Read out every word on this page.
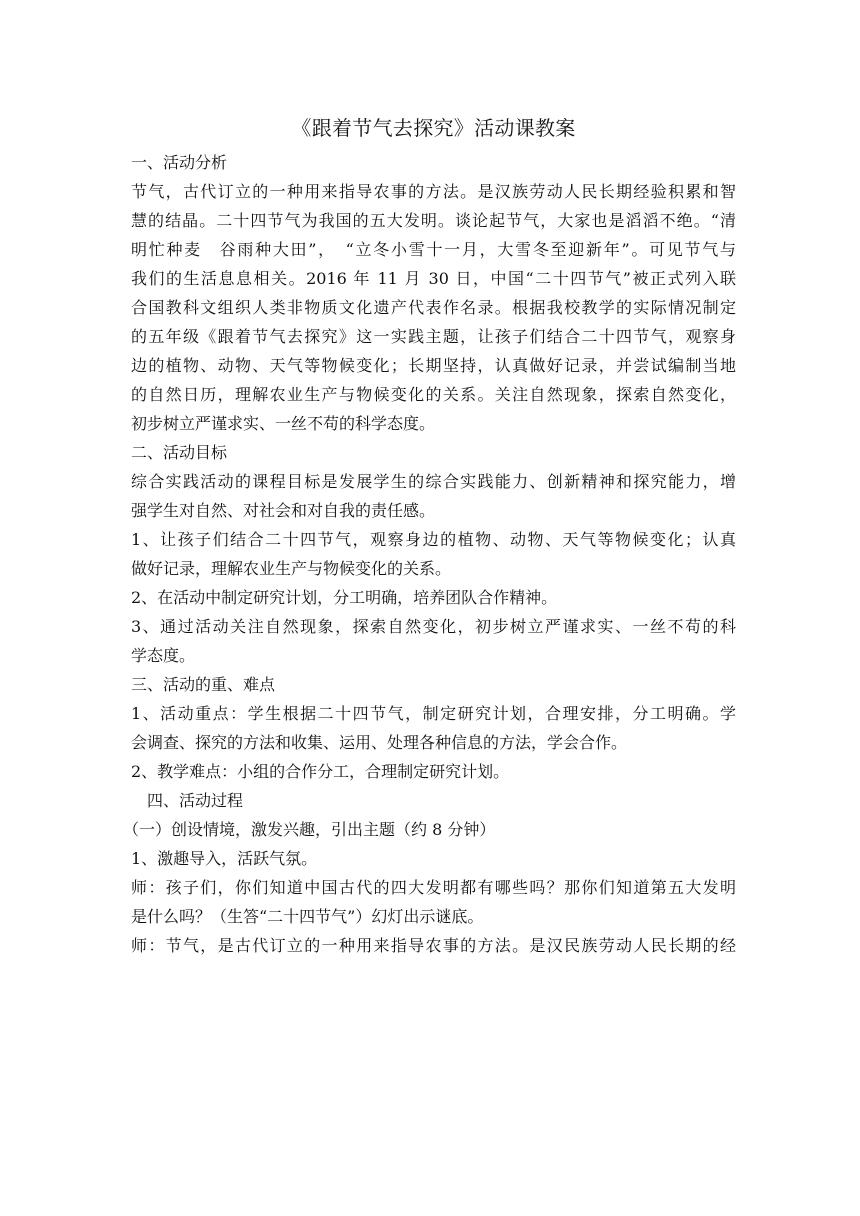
《跟着节气去探究》活动课教案
一、活动分析
节气，古代订立的一种用来指导农事的方法。是汉族劳动人民长期经验积累和智
慧的结晶。二十四节气为我国的五大发明。谈论起节气，大家也是滔滔不绝。“清
明忙种麦　谷雨种大田”，　“立冬小雪十一月，大雪冬至迎新年”。可见节气与
我们的生活息息相关。2016 年 11 月 30 日，中国“二十四节气”被正式列入联
合国教科文组织人类非物质文化遗产代表作名录。根据我校教学的实际情况制定
的五年级《跟着节气去探究》这一实践主题，让孩子们结合二十四节气，观察身
边的植物、动物、天气等物候变化；长期坚持，认真做好记录，并尝试编制当地
的自然日历，理解农业生产与物候变化的关系。关注自然现象，探索自然变化，
初步树立严谨求实、一丝不苟的科学态度。
二、活动目标
综合实践活动的课程目标是发展学生的综合实践能力、创新精神和探究能力，增
强学生对自然、对社会和对自我的责任感。
1、让孩子们结合二十四节气，观察身边的植物、动物、天气等物候变化；认真
做好记录，理解农业生产与物候变化的关系。
2、在活动中制定研究计划，分工明确，培养团队合作精神。
3、通过活动关注自然现象，探索自然变化，初步树立严谨求实、一丝不苟的科
学态度。
三、活动的重、难点
1、活动重点：学生根据二十四节气，制定研究计划，合理安排，分工明确。学
会调查、探究的方法和收集、运用、处理各种信息的方法，学会合作。
2、教学难点：小组的合作分工，合理制定研究计划。
四、活动过程
（一）创设情境，激发兴趣，引出主题（约 8 分钟）
1、激趣导入，活跃气氛。
师：孩子们，你们知道中国古代的四大发明都有哪些吗？那你们知道第五大发明
是什么吗？（生答“二十四节气”）幻灯出示谜底。
师：节气，是古代订立的一种用来指导农事的方法。是汉民族劳动人民长期的经
